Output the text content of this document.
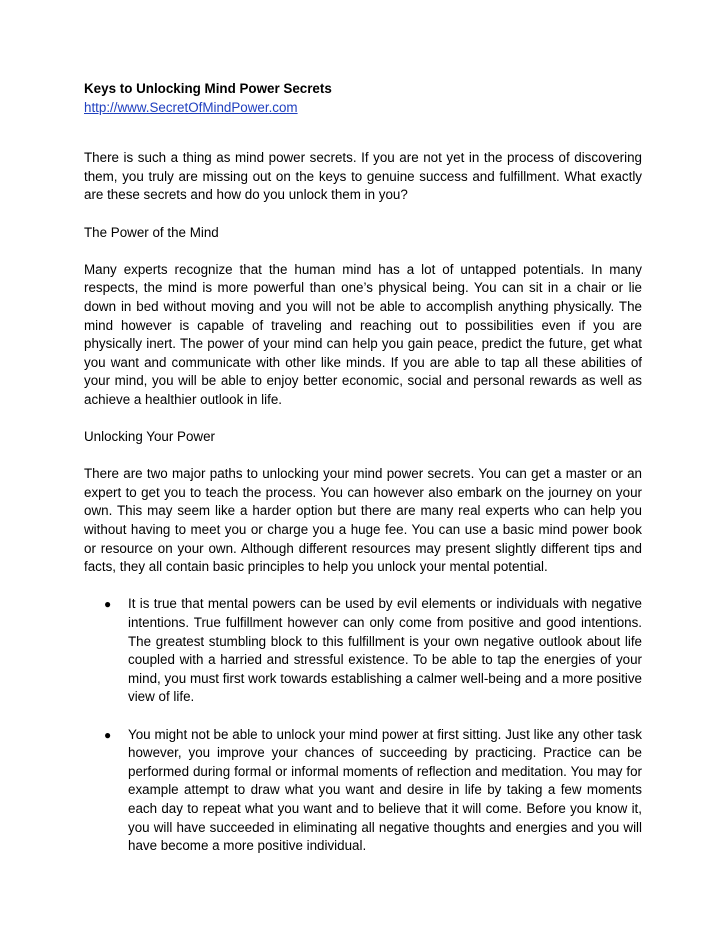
Keys to Unlocking Mind Power Secrets
http://www.SecretOfMindPower.com

There is such a thing as mind power secrets. If you are not yet in the process of discovering them, you truly are missing out on the keys to genuine success and fulfillment. What exactly are these secrets and how do you unlock them in you?

The Power of the Mind

Many experts recognize that the human mind has a lot of untapped potentials. In many respects, the mind is more powerful than one’s physical being. You can sit in a chair or lie down in bed without moving and you will not be able to accomplish anything physically. The mind however is capable of traveling and reaching out to possibilities even if you are physically inert. The power of your mind can help you gain peace, predict the future, get what you want and communicate with other like minds. If you are able to tap all these abilities of your mind, you will be able to enjoy better economic, social and personal rewards as well as achieve a healthier outlook in life.

Unlocking Your Power

There are two major paths to unlocking your mind power secrets. You can get a master or an expert to get you to teach the process. You can however also embark on the journey on your own. This may seem like a harder option but there are many real experts who can help you without having to meet you or charge you a huge fee. You can use a basic mind power book or resource on your own. Although different resources may present slightly different tips and facts, they all contain basic principles to help you unlock your mental potential.

● It is true that mental powers can be used by evil elements or individuals with negative intentions. True fulfillment however can only come from positive and good intentions. The greatest stumbling block to this fulfillment is your own negative outlook about life coupled with a harried and stressful existence. To be able to tap the energies of your mind, you must first work towards establishing a calmer well-being and a more positive view of life.
● You might not be able to unlock your mind power at first sitting. Just like any other task however, you improve your chances of succeeding by practicing. Practice can be performed during formal or informal moments of reflection and meditation. You may for example attempt to draw what you want and desire in life by taking a few moments each day to repeat what you want and to believe that it will come. Before you know it, you will have succeeded in eliminating all negative thoughts and energies and you will have become a more positive individual.
